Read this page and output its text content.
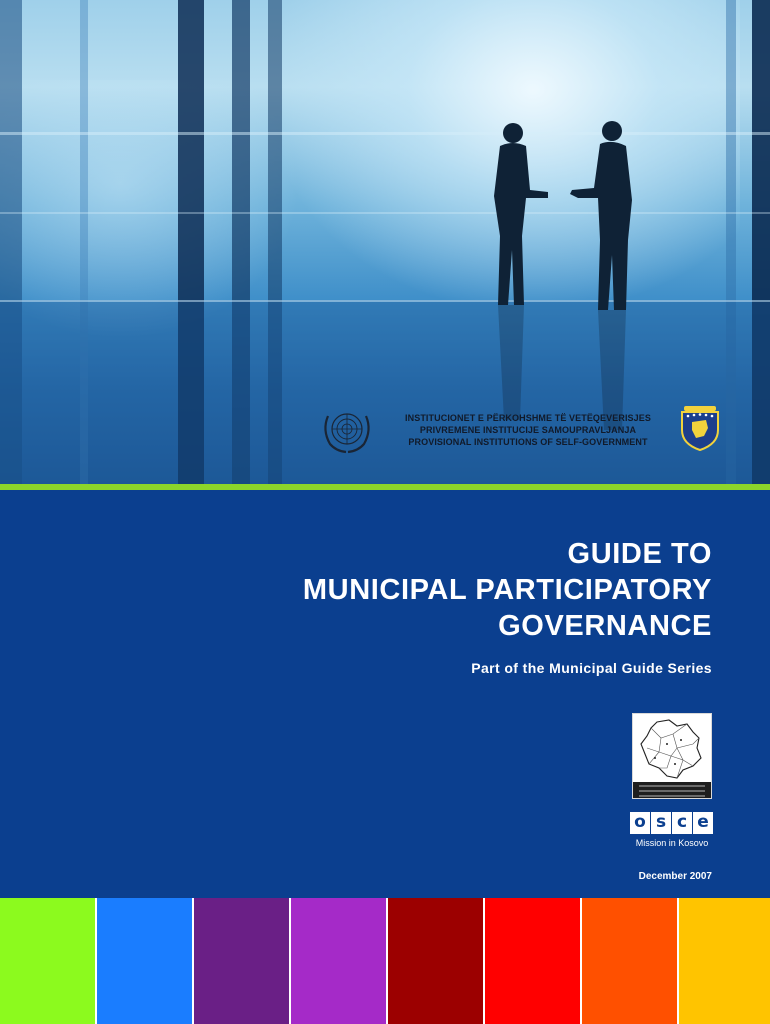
INSTITUCIONET E PËRKOHSHME TË VETËQEVERISJES
PRIVREMENE INSTITUCIJE SAMOUPRAVLJANJA
PROVISIONAL INSTITUTIONS OF SELF-GOVERNMENT
GUIDE TO
MUNICIPAL PARTICIPATORY
GOVERNANCE
Part of the Municipal Guide Series
o s c e
Mission in Kosovo
December 2007
